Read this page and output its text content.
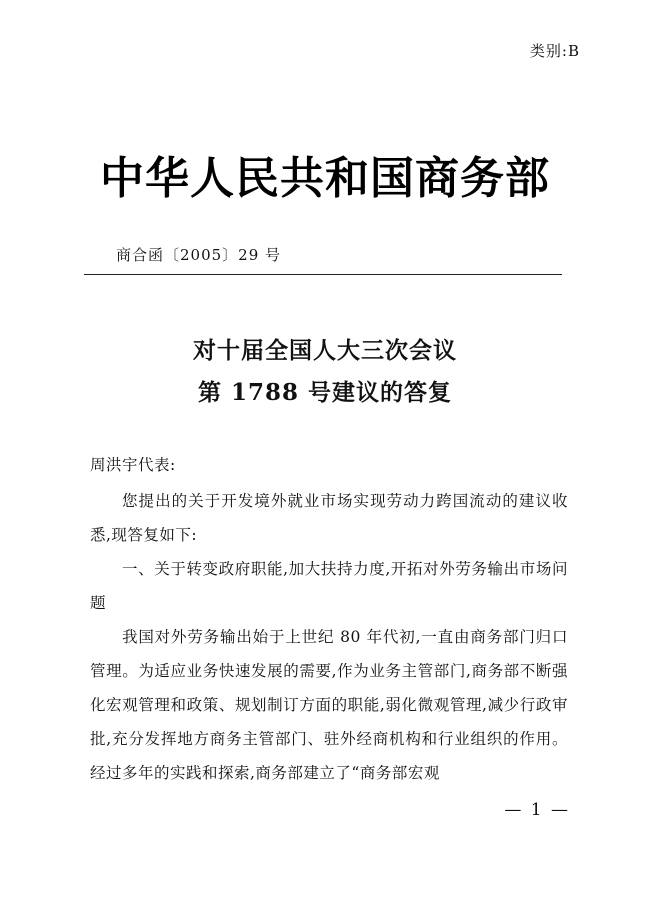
类别:B
中华人民共和国商务部
商合函〔2005〕29 号
对十届全国人大三次会议
第 1788 号建议的答复
周洪宇代表:
您提出的关于开发境外就业市场实现劳动力跨国流动的建议收悉,现答复如下:
一、关于转变政府职能,加大扶持力度,开拓对外劳务输出市场问题
我国对外劳务输出始于上世纪 80 年代初,一直由商务部门归口管理。为适应业务快速发展的需要,作为业务主管部门,商务部不断强化宏观管理和政策、规划制订方面的职能,弱化微观管理,减少行政审批,充分发挥地方商务主管部门、驻外经商机构和行业组织的作用。经过多年的实践和探索,商务部建立了“商务部宏观
— 1 —
